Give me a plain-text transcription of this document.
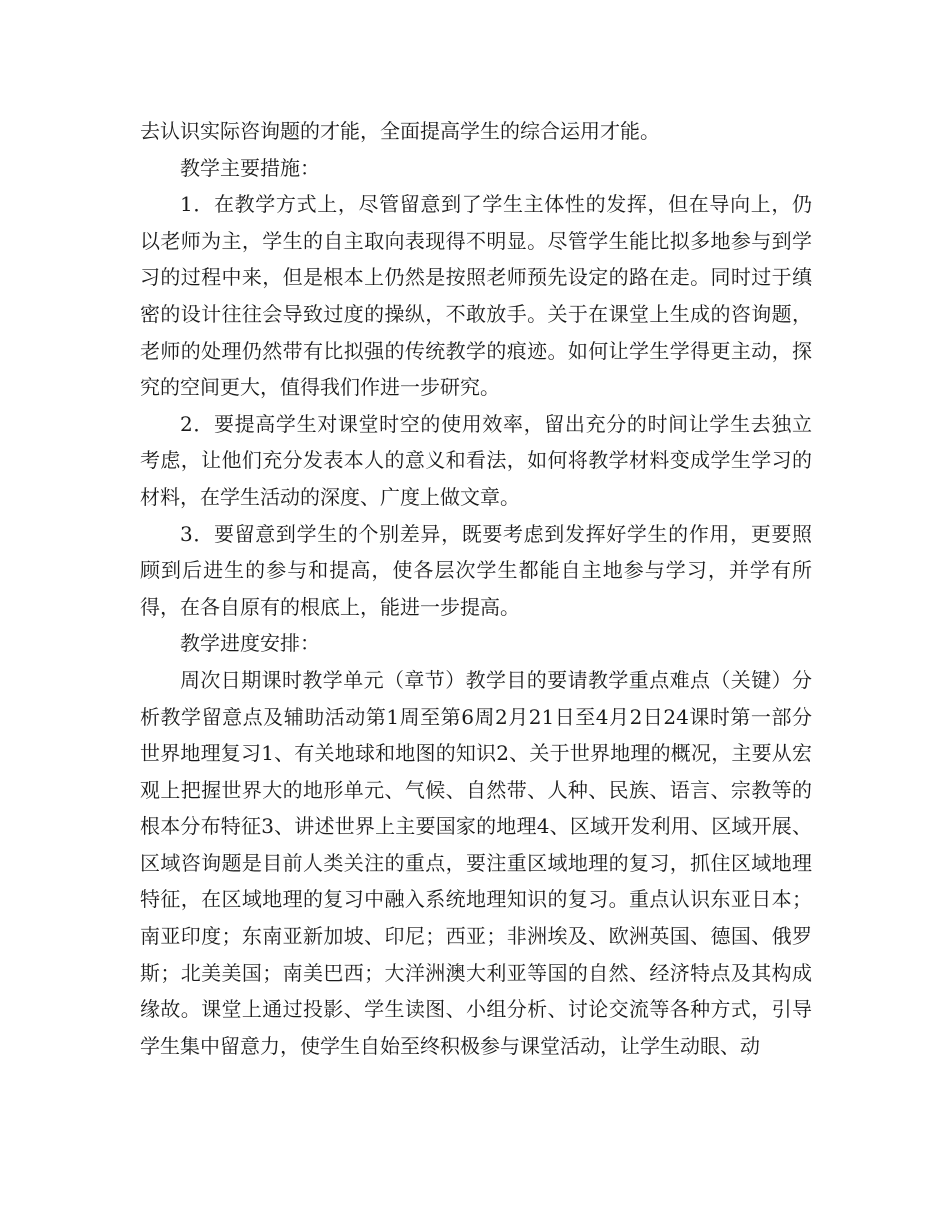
去认识实际咨询题的才能，全面提高学生的综合运用才能。

教学主要措施：

1．在教学方式上，尽管留意到了学生主体性的发挥，但在导向上，仍以老师为主，学生的自主取向表现得不明显。尽管学生能比拟多地参与到学习的过程中来，但是根本上仍然是按照老师预先设定的路在走。同时过于缜密的设计往往会导致过度的操纵，不敢放手。关于在课堂上生成的咨询题，老师的处理仍然带有比拟强的传统教学的痕迹。如何让学生学得更主动，探究的空间更大，值得我们作进一步研究。

2．要提高学生对课堂时空的使用效率，留出充分的时间让学生去独立考虑，让他们充分发表本人的意义和看法，如何将教学材料变成学生学习的材料，在学生活动的深度、广度上做文章。

3．要留意到学生的个别差异，既要考虑到发挥好学生的作用，更要照顾到后进生的参与和提高，使各层次学生都能自主地参与学习，并学有所得，在各自原有的根底上，能进一步提高。

教学进度安排：

周次日期课时教学单元（章节）教学目的要请教学重点难点（关键）分析教学留意点及辅助活动第1周至第6周2月21日至4月2日24课时第一部分世界地理复习1、有关地球和地图的知识2、关于世界地理的概况，主要从宏观上把握世界大的地形单元、气候、自然带、人种、民族、语言、宗教等的根本分布特征3、讲述世界上主要国家的地理4、区域开发利用、区域开展、区域咨询题是目前人类关注的重点，要注重区域地理的复习，抓住区域地理特征，在区域地理的复习中融入系统地理知识的复习。重点认识东亚日本；南亚印度；东南亚新加坡、印尼；西亚；非洲埃及、欧洲英国、德国、俄罗斯；北美美国；南美巴西；大洋洲澳大利亚等国的自然、经济特点及其构成缘故。课堂上通过投影、学生读图、小组分析、讨论交流等各种方式，引导学生集中留意力，使学生自始至终积极参与课堂活动，让学生动眼、动
